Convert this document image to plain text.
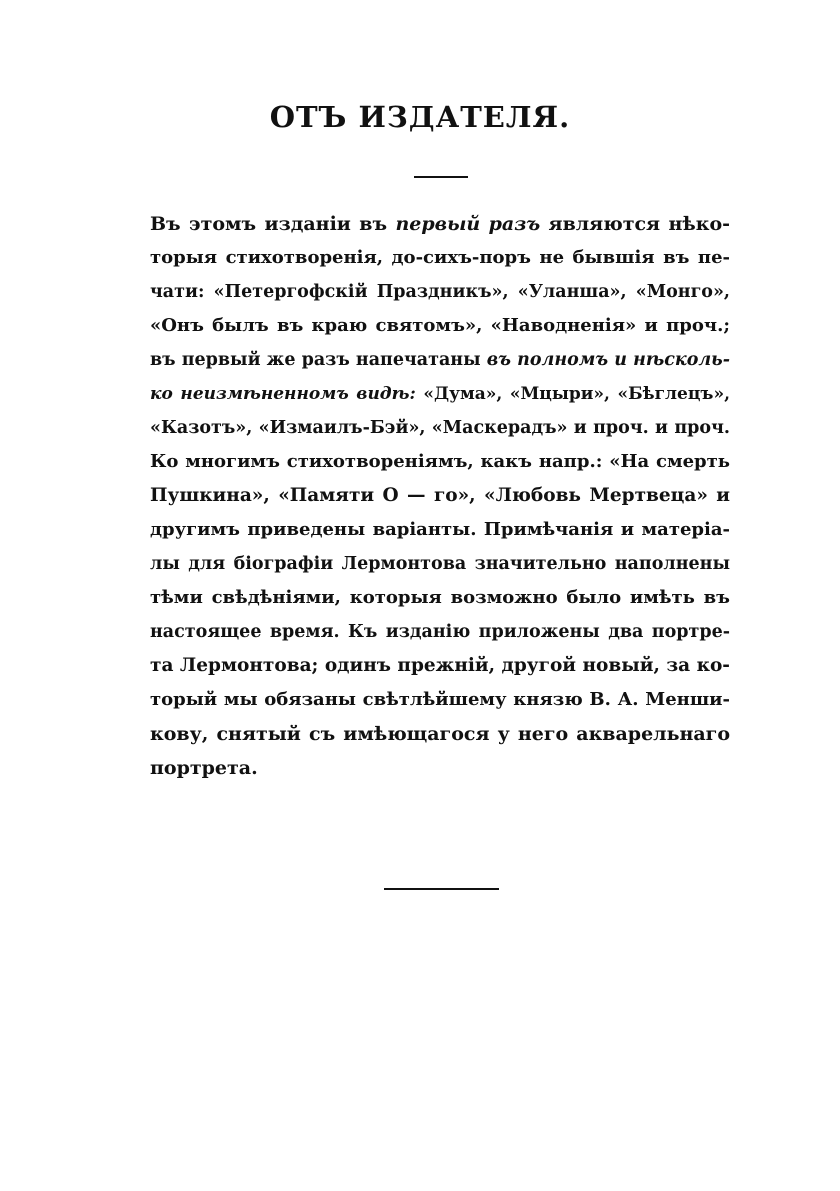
ОТЪ ИЗДАТЕЛЯ.
Въ этомъ изданіи въ первый разъ являются нѣко-
торыя стихотворенія, до-сихъ-поръ не бывшія въ пе-
чати: «Петергофскій Праздникъ», «Уланша», «Монго»,
«Онъ былъ въ краю святомъ», «Наводненія» и проч.;
въ первый же разъ напечатаны въ полномъ и нѣсколь-
ко неизмѣненномъ видѣ: «Дума», «Мцыри», «Бѣглецъ»,
«Казотъ», «Измаилъ-Бэй», «Маскерадъ» и проч. и проч.
Ко многимъ стихотвореніямъ, какъ напр.: «На смерть
Пушкина», «Памяти О — го», «Любовь Мертвеца» и
другимъ приведены варіанты. Примѣчанія и матеріа-
лы для біографіи Лермонтова значительно наполнены
тѣми свѣдѣніями, которыя возможно было имѣть въ
настоящее время. Къ изданію приложены два портре-
та Лермонтова; одинъ прежній, другой новый, за ко-
торый мы обязаны свѣтлѣйшему князю В. А. Менши-
кову, снятый съ имѣющагося у него акварельнаго
портрета.
